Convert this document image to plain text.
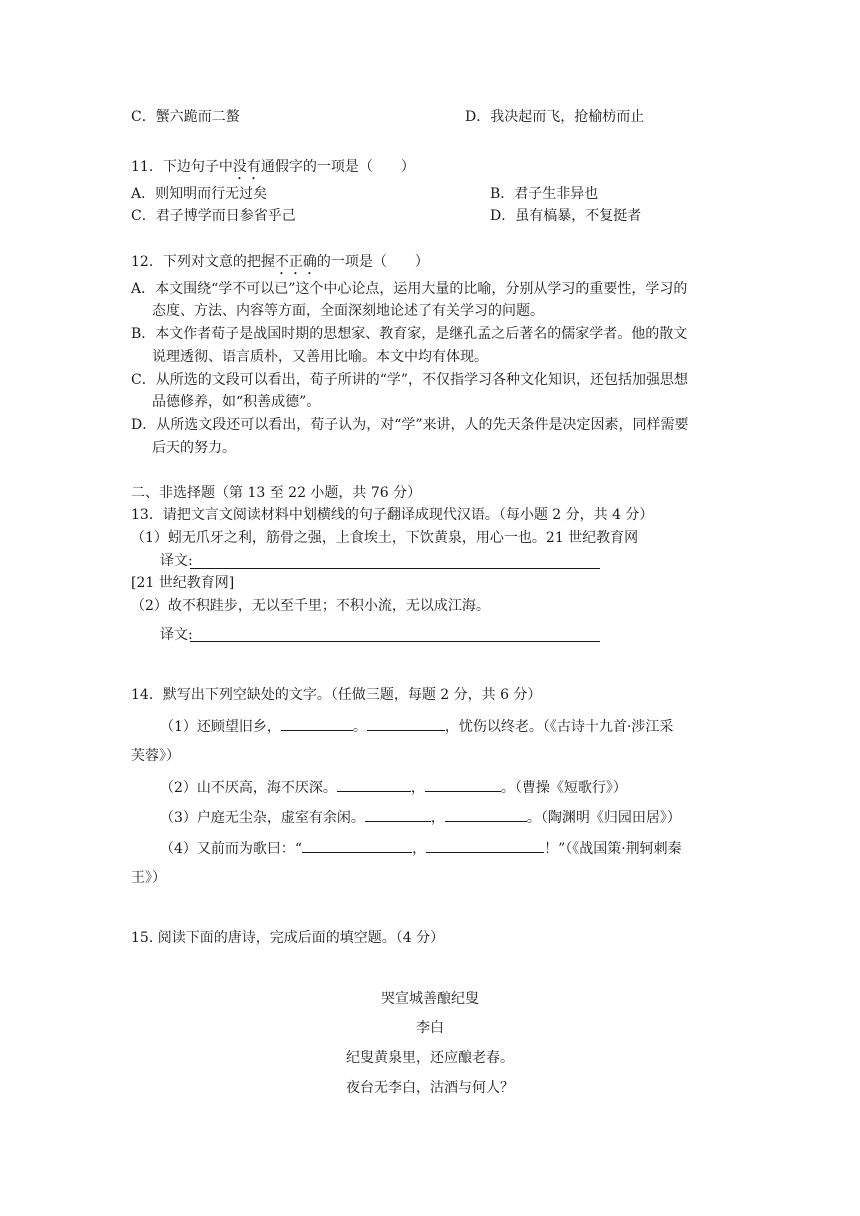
C．蟹六跪而二螯	D．我决起而飞，抢榆枋而止
11．下边句子中没有通假字的一项是（　　）
A．则知明而行无过矣	B．君子生非异也
C．君子博学而日参省乎己	D．虽有槁暴，不复挺者
12．下列对文意的把握不正确的一项是（　　）
A．本文围绕“学不可以已”这个中心论点，运用大量的比喻，分别从学习的重要性，学习的
态度、方法、内容等方面，全面深刻地论述了有关学习的问题。
B．本文作者荀子是战国时期的思想家、教育家，是继孔孟之后著名的儒家学者。他的散文
说理透彻、语言质朴，又善用比喻。本文中均有体现。
C．从所选的文段可以看出，荀子所讲的“学”，不仅指学习各种文化知识，还包括加强思想
品德修养，如“积善成德”。
D．从所选文段还可以看出，荀子认为，对“学”来讲，人的先天条件是决定因素，同样需要
后天的努力。
二、非选择题（第 13 至 22 小题，共 76 分）
13．请把文言文阅读材料中划横线的句子翻译成现代汉语。（每小题 2 分，共 4 分）
（1）蚓无爪牙之利，筋骨之强，上食埃土，下饮黄泉，用心一也。21 世纪教育网
译文:
[21 世纪教育网]
（2）故不积跬步，无以至千里；不积小流，无以成江海。
译文:
14．默写出下列空缺处的文字。（任做三题，每题 2 分，共 6 分）
（1）还顾望旧乡，	。	，忧伤以终老。（《古诗十九首·涉江采
芙蓉》）
（2）山不厌高，海不厌深。	，	。（曹操《短歌行》）
（3）户庭无尘杂，虚室有余闲。	，	。（陶渊明《归园田居》）
（4）又前而为歌曰：“	，	！”（《战国策·荆轲刺秦
王》）
15. 阅读下面的唐诗，完成后面的填空题。（4 分）
哭宣城善酿纪叟
李白
纪叟黄泉里，还应酿老春。
夜台无李白，沽酒与何人？
